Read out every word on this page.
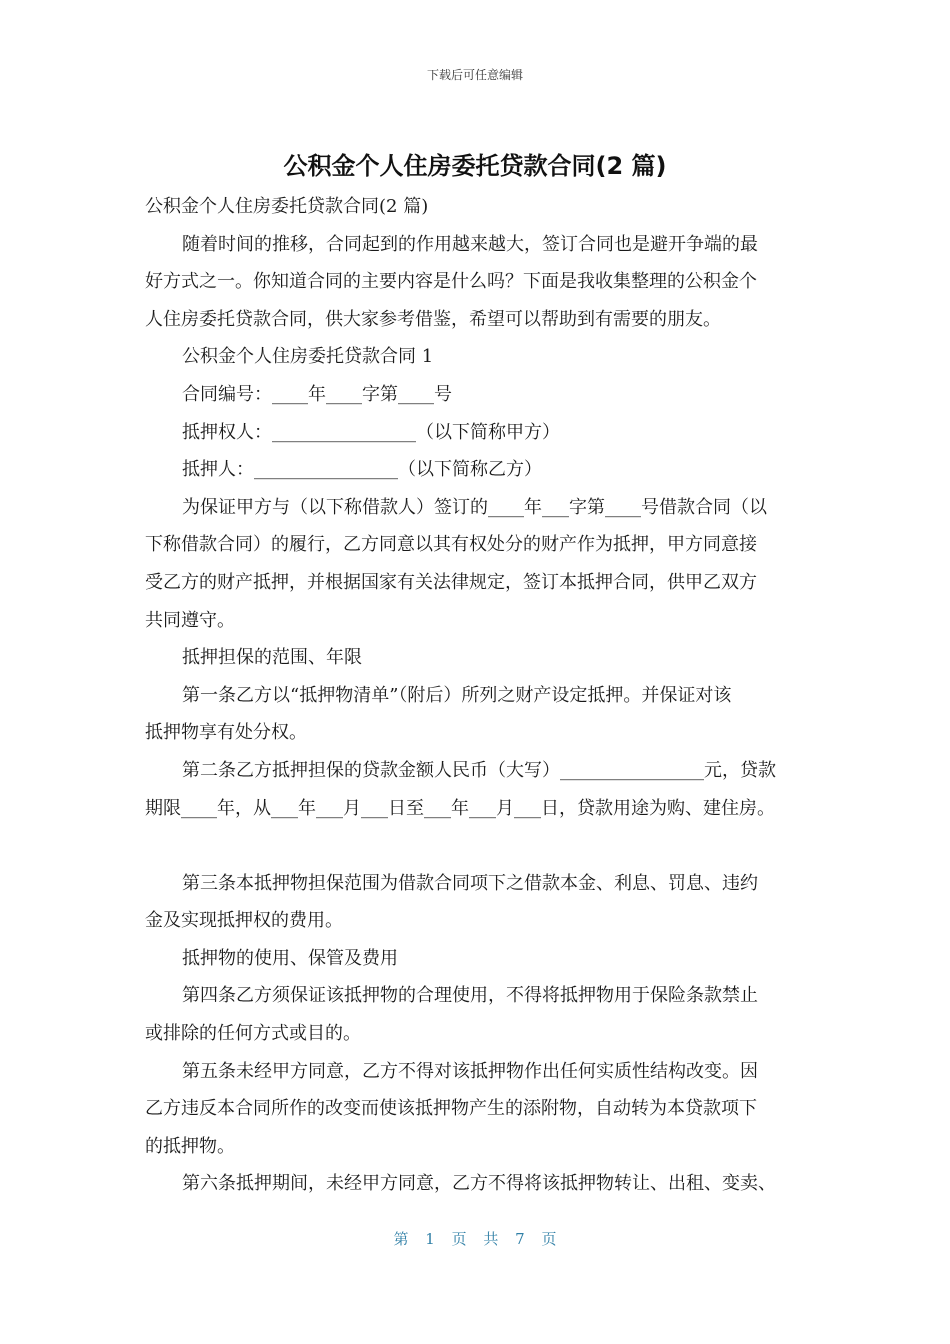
下载后可任意编辑
公积金个人住房委托贷款合同(2 篇)
公积金个人住房委托贷款合同(2 篇)
随着时间的推移，合同起到的作用越来越大，签订合同也是避开争端的最
好方式之一。你知道合同的主要内容是什么吗？下面是我收集整理的公积金个
人住房委托贷款合同，供大家参考借鉴，希望可以帮助到有需要的朋友。
公积金个人住房委托贷款合同 1
合同编号：____年____字第____号
抵押权人：________________（以下简称甲方）
抵押人：________________（以下简称乙方）
为保证甲方与（以下称借款人）签订的____年___字第____号借款合同（以
下称借款合同）的履行，乙方同意以其有权处分的财产作为抵押，甲方同意接
受乙方的财产抵押，并根据国家有关法律规定，签订本抵押合同，供甲乙双方
共同遵守。
抵押担保的范围、年限
第一条乙方以“抵押物清单”（附后）所列之财产设定抵押。并保证对该
抵押物享有处分权。
第二条乙方抵押担保的贷款金额人民币（大写）________________元，贷款
期限____年，从___年___月___日至___年___月___日，贷款用途为购、建住房。
第三条本抵押物担保范围为借款合同项下之借款本金、利息、罚息、违约
金及实现抵押权的费用。
抵押物的使用、保管及费用
第四条乙方须保证该抵押物的合理使用，不得将抵押物用于保险条款禁止
或排除的任何方式或目的。
第五条未经甲方同意，乙方不得对该抵押物作出任何实质性结构改变。因
乙方违反本合同所作的改变而使该抵押物产生的添附物，自动转为本贷款项下
的抵押物。
第六条抵押期间，未经甲方同意，乙方不得将该抵押物转让、出租、变卖、
第 1 页 共 7 页
